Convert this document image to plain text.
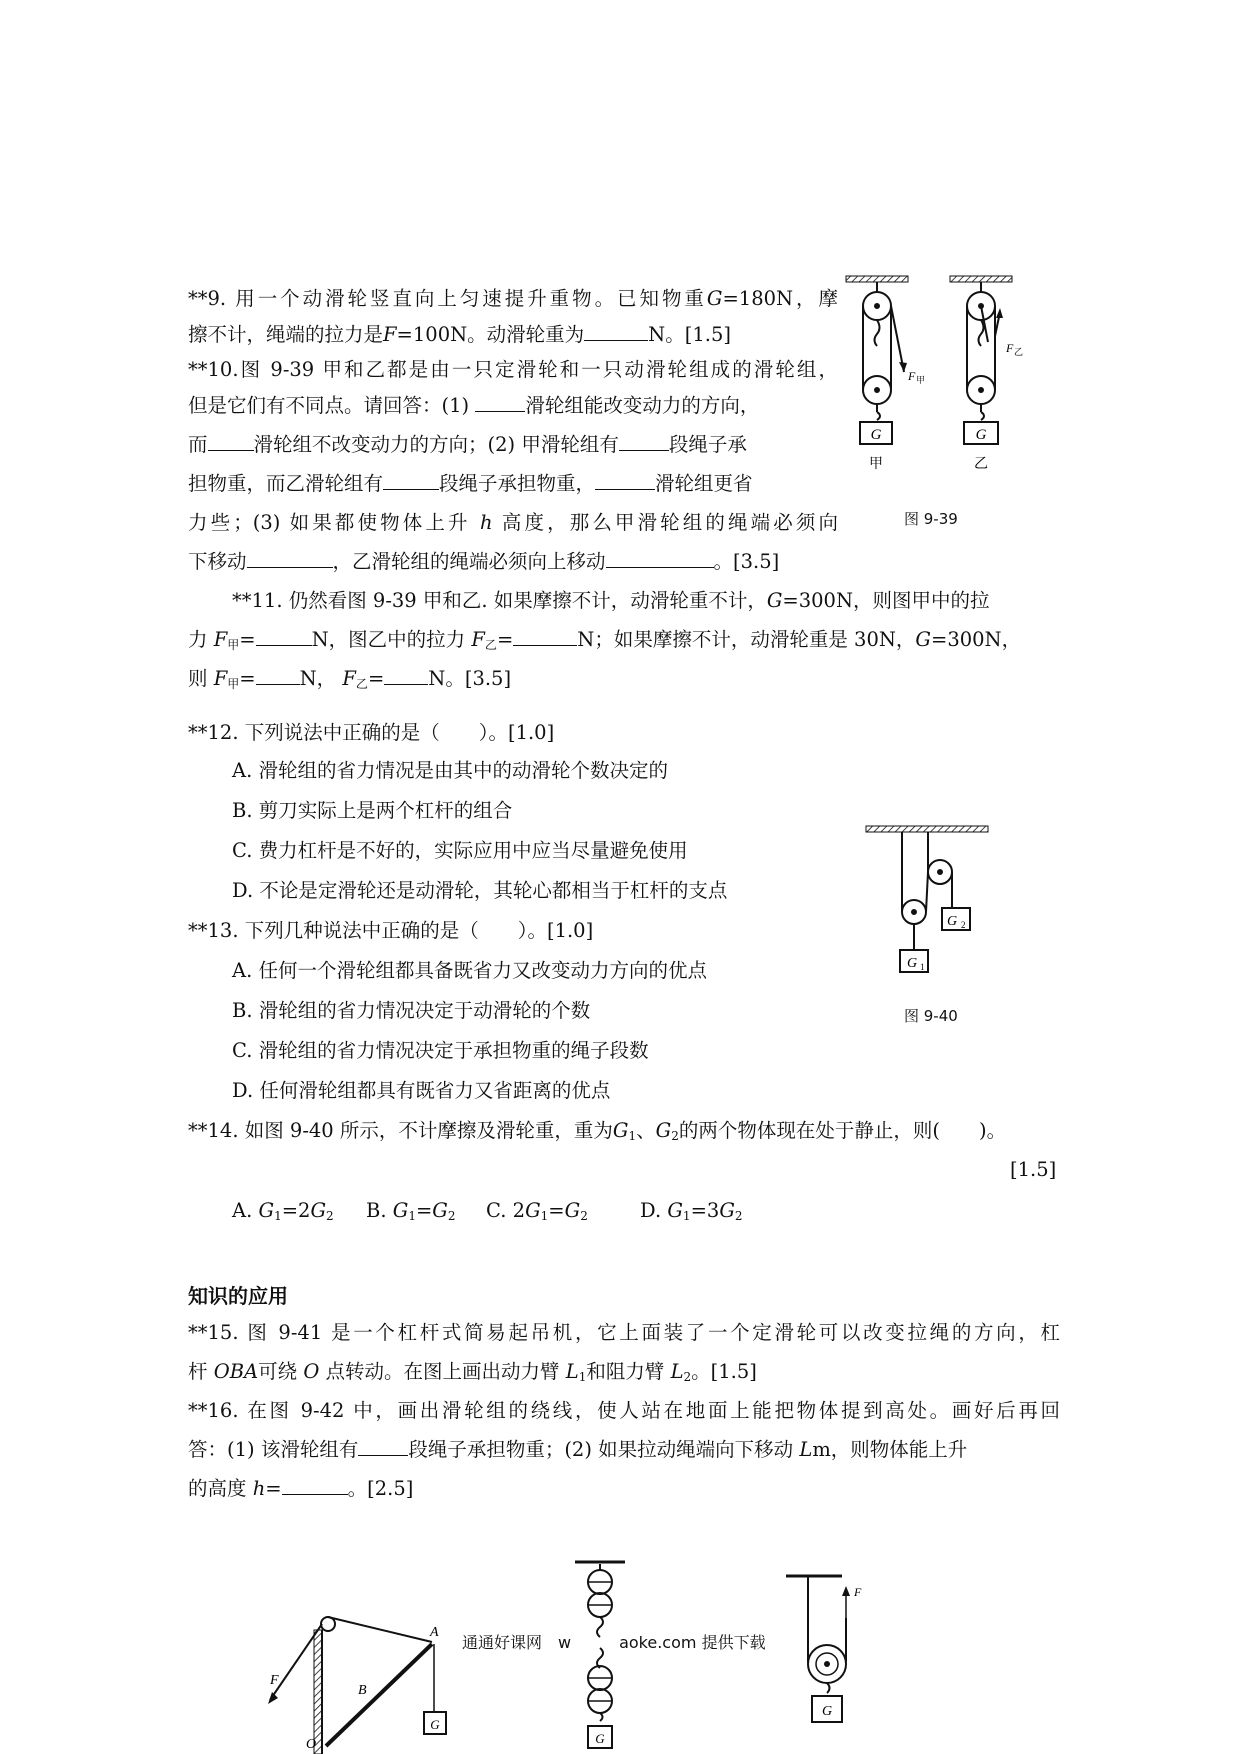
**9. 用一个动滑轮竖直向上匀速提升重物。已知物重G=180N，摩
擦不计，绳端的拉力是F=100N。动滑轮重为	N。[1.5]
**10.图 9-39 甲和乙都是由一只定滑轮和一只动滑轮组成的滑轮组，
但是它们有不同点。请回答：(1)	滑轮组能改变动力的方向，
而 滑轮组不改变动力的方向；(2) 甲滑轮组有	段绳子承
担物重，而乙滑轮组有	段绳子承担物重，	滑轮组更省
力些；(3) 如果都使物体上升 h 高度，那么甲滑轮组的绳端必须向
下移动	，乙滑轮组的绳端必须向上移动	。[3.5]
**11. 仍然看图 9-39 甲和乙. 如果摩擦不计，动滑轮重不计，G=300N，则图甲中的拉
力 $F_甲=$	N，图乙中的拉力 $F_乙=$	N；如果摩擦不计，动滑轮重是 30N，G=300N，
则 $F_甲= N$， $F_乙= N$。[3.5]
**12. 下列说法中正确的是（　　）。[1.0]
A. 滑轮组的省力情况是由其中的动滑轮个数决定的
B. 剪刀实际上是两个杠杆的组合
C. 费力杠杆是不好的，实际应用中应当尽量避免使用
D. 不论是定滑轮还是动滑轮，其轮心都相当于杠杆的支点
**13. 下列几种说法中正确的是（　　）。[1.0]
A. 任何一个滑轮组都具备既省力又改变动力方向的优点
B. 滑轮组的省力情况决定于动滑轮的个数
C. 滑轮组的省力情况决定于承担物重的绳子段数
D. 任何滑轮组都具有既省力又省距离的优点
**14. 如图 9-40 所示，不计摩擦及滑轮重，重为$G_1$、$G_2$的两个物体现在处于静止，则(　　)。
[1.5]
A. $G_1=2G_2$ B. $G_1=G_2$ C. $2G_1=G_2$	D. $G_1=3G_2$
知识的应用
**15. 图 9-41 是一个杠杆式简易起吊机，它上面装了一个定滑轮可以改变拉绳的方向，杠
杆 OBA可绕 O 点转动。在图上画出动力臂 $L_1$和阻力臂 $L_2$。[1.5]
**16. 在图 9-42 中，画出滑轮组的绕线，使人站在地面上能把物体提到高处。画好后再回
答：(1) 该滑轮组有	段绳子承担物重；(2) 如果拉动绳端向下移动 Lm，则物体能上升
的高度 h=	。[2.5]
G
F 甲
甲
G
F 乙
乙
图 9-39
G 2
G 1
图 9-40
G
A
B
O
F
G
F
G
通通好课网　w　　　aoke.com 提供下载
